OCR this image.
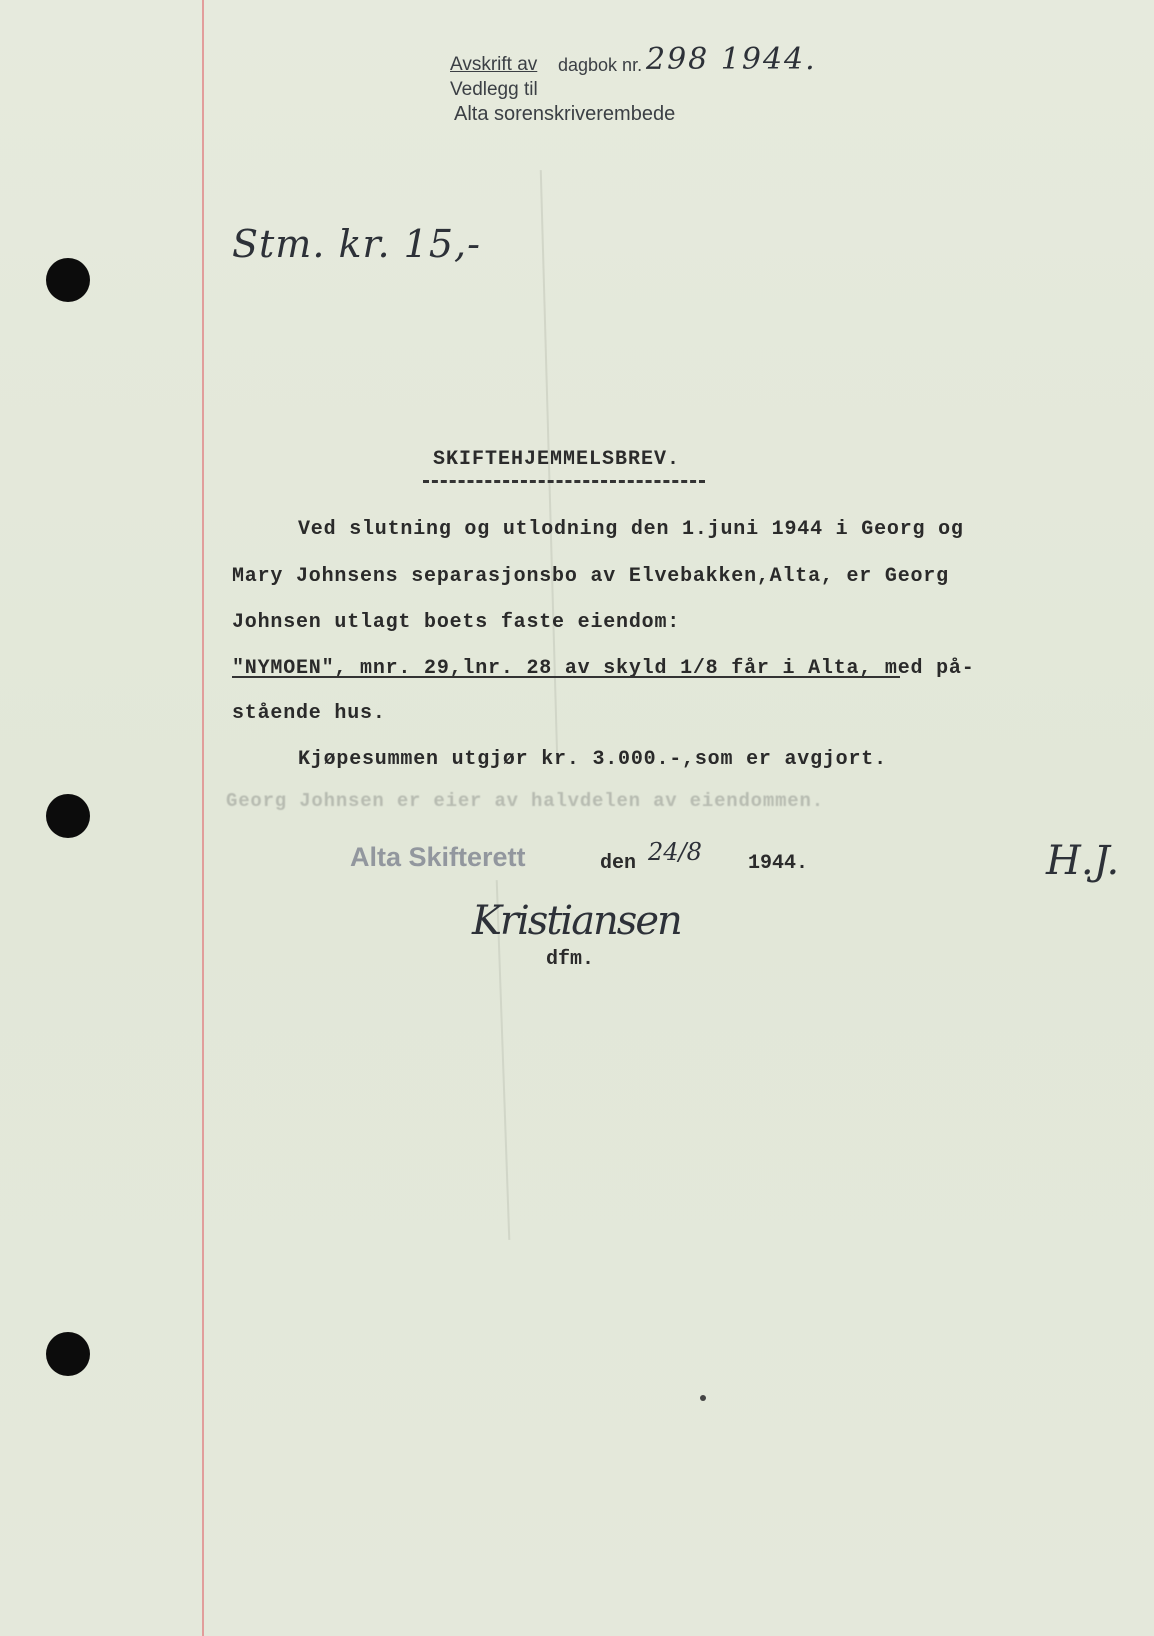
Avskrift av dagbok nr.
Vedlegg til
Alta sorenskriverembede
298 1944.
Stm. kr. 15,-
SKIFTEHJEMMELSBREV.
Ved slutning og utlodning den 1.juni 1944 i Georg og
Mary Johnsens separasjonsbo av Elvebakken,Alta, er Georg
Johnsen utlagt boets faste eiendom:
"NYMOEN", mnr. 29,lnr. 28 av skyld 1/8 får i Alta, med på-
stående hus.
Kjøpesummen utgjør kr. 3.000.-,som er avgjort.
Georg Johnsen er eier av halvdelen av eiendommen.
Alta Skifterett	den 24/8 1944.	H.J.
Kristiansen
dfm.
